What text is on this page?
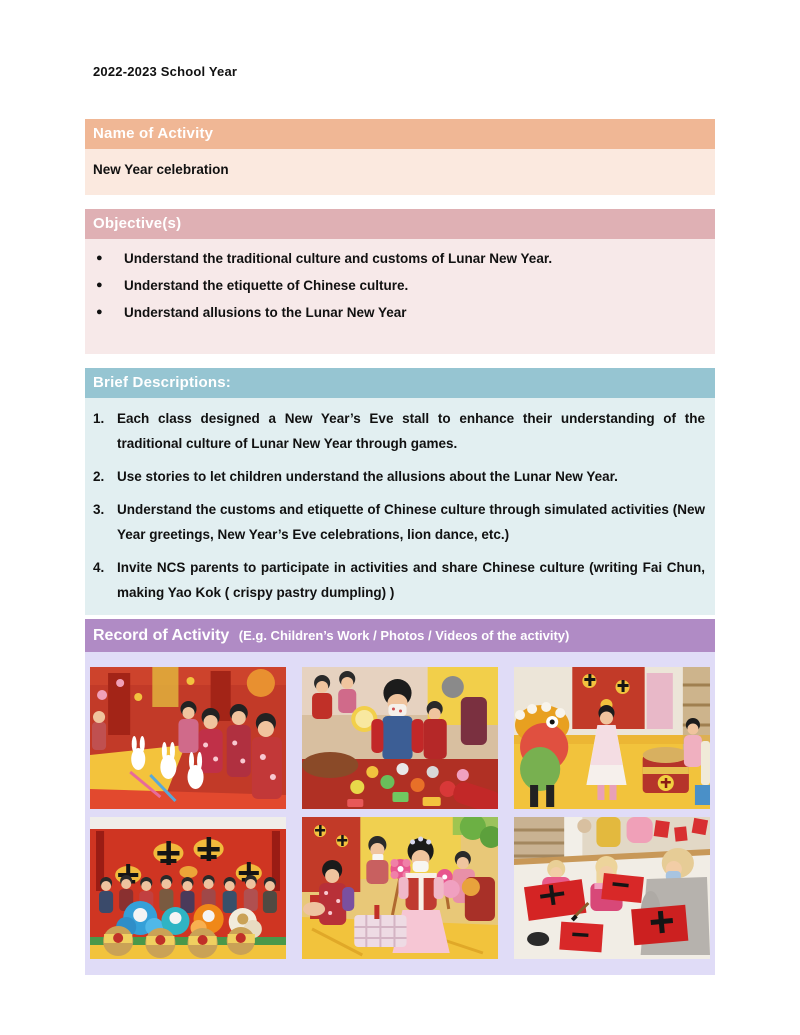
2022-2023 School Year
Name of Activity
New Year celebration
Objective(s)
●	Understand the traditional culture and customs of Lunar New Year.
●	Understand the etiquette of Chinese culture.
●	Understand allusions to the Lunar New Year
Brief Descriptions:
1. Each class designed a New Year’s Eve stall to enhance their understanding of the traditional culture of Lunar New Year through games.

2. Use stories to let children understand the allusions about the Lunar New Year.

3. Understand the customs and etiquette of Chinese culture through simulated activities (New Year greetings, New Year’s Eve celebrations, lion dance, etc.)

4. Invite NCS parents to participate in activities and share Chinese culture (writing Fai Chun, making Yao Kok ( crispy pastry dumpling) )

Record of Activity (E.g. Children’s Work / Photos / Videos of the activity)
